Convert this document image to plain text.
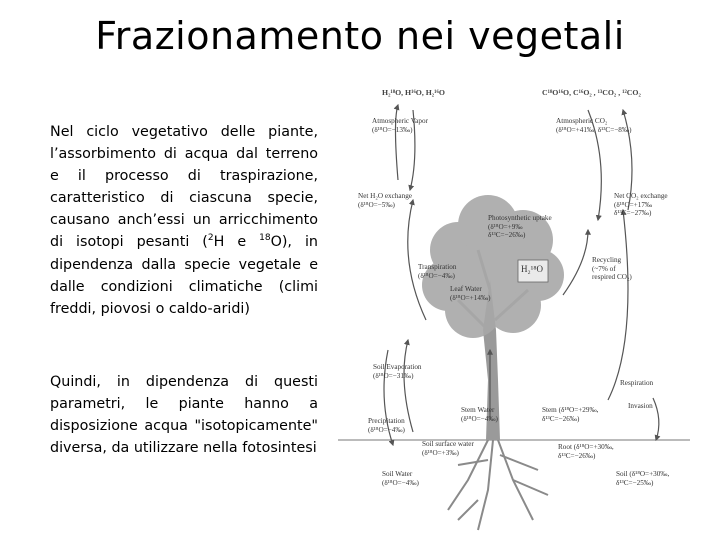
Frazionamento nei vegetali

Nel ciclo vegetativo delle piante, l’assorbimento di acqua dal terreno e il processo di traspirazione, caratteristico di ciascuna specie, causano anch’essi un arricchimento di isotopi pesanti ($^2$H e $^{18}$O), in dipendenza dalla specie vegetale e dalle condizioni climatiche (climi freddi, piovosi o caldo-aridi)

Quindi, in dipendenza di questi parametri, le piante hanno a disposizione acqua "isotopicamente" diversa, da utilizzare nella fotosintesi

H₂¹⁸O, H¹⁶O, H₂¹⁶O	C¹⁸O¹⁶O, C¹⁶O₂ , ¹³CO₂ , ¹²CO₂
Atmospheric Vapor
(δ¹⁸O=−13‰)
Atmospheric CO₂
(δ¹⁸O=+41‰, δ¹³C=−8‰)
Net H₂O exchange
(δ¹⁸O=−5‰)
Net CO₂ exchange
(δ¹⁸O=+17‰
δ¹³C=−27‰)
Photosynthetic uptake
(δ¹⁸O=+9‰
δ¹³C=−26‰)
H₂¹⁸O
Leaf Water
(δ¹⁸O=+14‰)
Transpiration
(δ¹⁸O=−4‰)
Recycling
(~7% of
respired CO₂)
Soil Evaporation
(δ¹⁸O=−31‰)
Respiration
Precipitation
(δ¹⁸O=−4‰)
Stem Water
(δ¹⁸O=−4‰)
Stem (δ¹⁸O=+29‰,
δ¹³C=−26‰)
Invasion
Soil surface water
(δ¹⁸O=+3‰)
Root (δ¹⁸O=+30‰,
δ¹³C=−26‰)
Soil Water
(δ¹⁸O=−4‰)
Soil (δ¹⁸O=+30‰,
δ¹³C=−25‰)
